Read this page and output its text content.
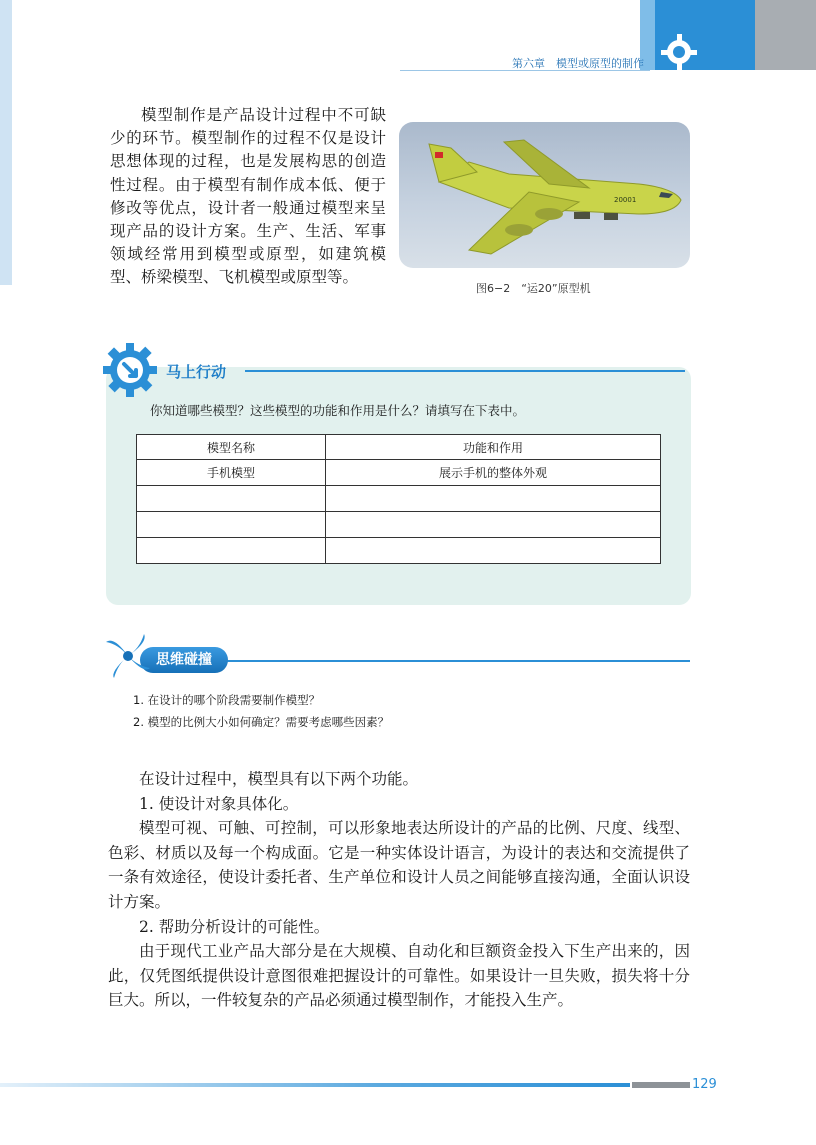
第六章　模型或原型的制作
模型制作是产品设计过程中不可缺少的环节。模型制作的过程不仅是设计思想体现的过程，也是发展构思的创造性过程。由于模型有制作成本低、便于修改等优点，设计者一般通过模型来呈现产品的设计方案。生产、生活、军事领域经常用到模型或原型，如建筑模型、桥梁模型、飞机模型或原型等。
20001
图6−2　“运20”原型机
马上行动
你知道哪些模型？这些模型的功能和作用是什么？请填写在下表中。
模型名称	功能和作用
手机模型	展示手机的整体外观

思维碰撞
1. 在设计的哪个阶段需要制作模型？
2. 模型的比例大小如何确定？需要考虑哪些因素？

在设计过程中，模型具有以下两个功能。

1. 使设计对象具体化。

模型可视、可触、可控制，可以形象地表达所设计的产品的比例、尺度、线型、色彩、材质以及每一个构成面。它是一种实体设计语言，为设计的表达和交流提供了一条有效途径，使设计委托者、生产单位和设计人员之间能够直接沟通，全面认识设计方案。

2. 帮助分析设计的可能性。

由于现代工业产品大部分是在大规模、自动化和巨额资金投入下生产出来的，因此，仅凭图纸提供设计意图很难把握设计的可靠性。如果设计一旦失败，损失将十分巨大。所以，一件较复杂的产品必须通过模型制作，才能投入生产。

129
